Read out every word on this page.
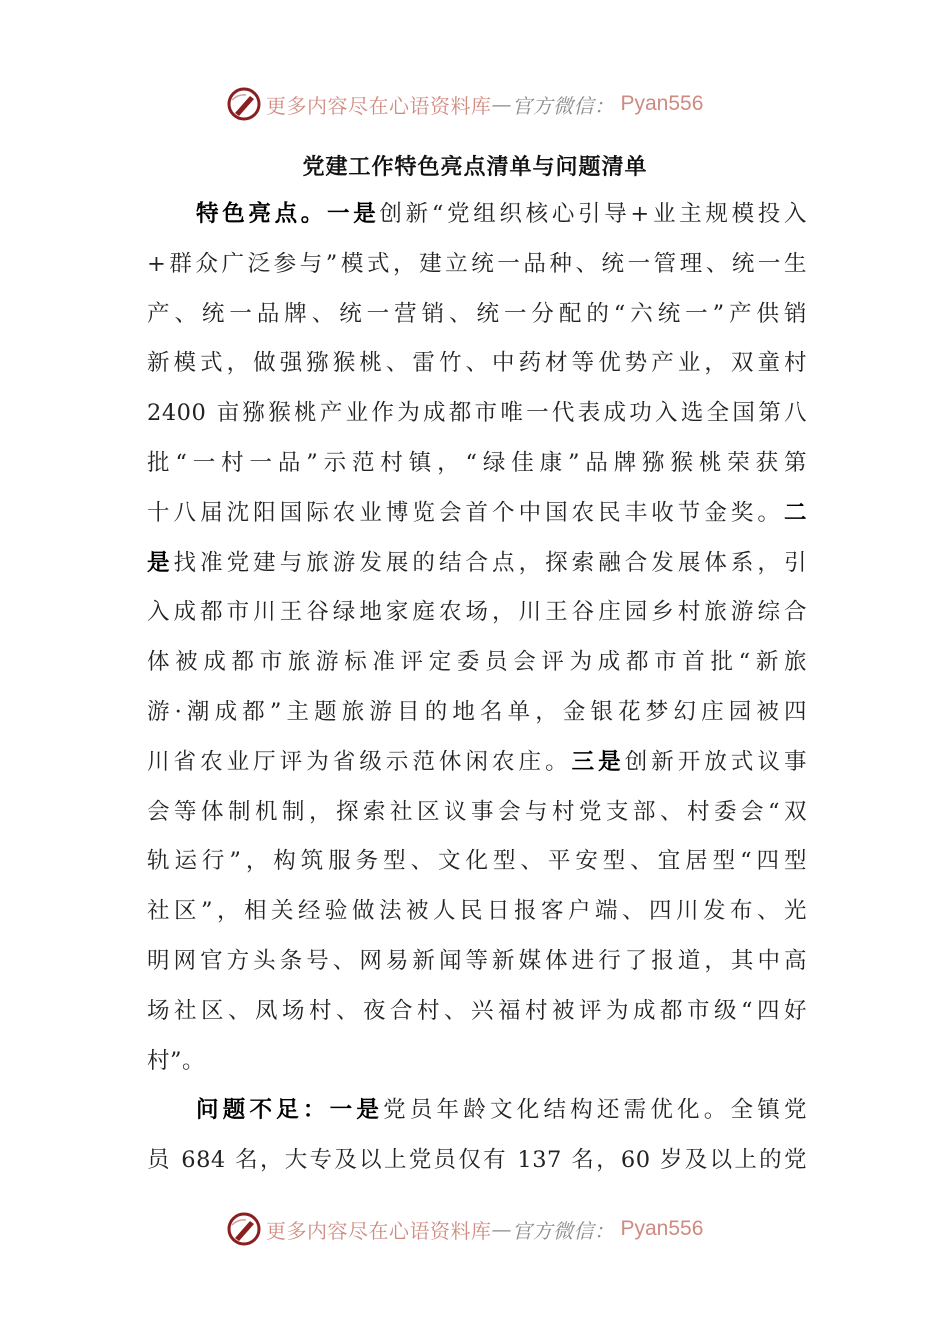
更多内容尽在心语资料库 — 官方微信： Pyan556
党建工作特色亮点清单与问题清单
特色亮点。一是创新“党组织核心引导+业主规模投入
+群众广泛参与”模式，建立统一品种、统一管理、统一生
产、统一品牌、统一营销、统一分配的“六统一”产供销
新模式，做强猕猴桃、雷竹、中药材等优势产业，双童村
2400 亩猕猴桃产业作为成都市唯一代表成功入选全国第八
批“一村一品”示范村镇，“绿佳康”品牌猕猴桃荣获第
十八届沈阳国际农业博览会首个中国农民丰收节金奖。二
是找准党建与旅游发展的结合点，探索融合发展体系，引
入成都市川王谷绿地家庭农场，川王谷庄园乡村旅游综合
体被成都市旅游标准评定委员会评为成都市首批“新旅
游·潮成都”主题旅游目的地名单，金银花梦幻庄园被四
川省农业厅评为省级示范休闲农庄。三是创新开放式议事
会等体制机制，探索社区议事会与村党支部、村委会“双
轨运行”，构筑服务型、文化型、平安型、宜居型“四型
社区”，相关经验做法被人民日报客户端、四川发布、光
明网官方头条号、网易新闻等新媒体进行了报道，其中高
场社区、凤场村、夜合村、兴福村被评为成都市级“四好
村”。
问题不足：一是党员年龄文化结构还需优化。全镇党
员 684 名，大专及以上党员仅有 137 名，60 岁及以上的党
更多内容尽在心语资料库 — 官方微信： Pyan556
